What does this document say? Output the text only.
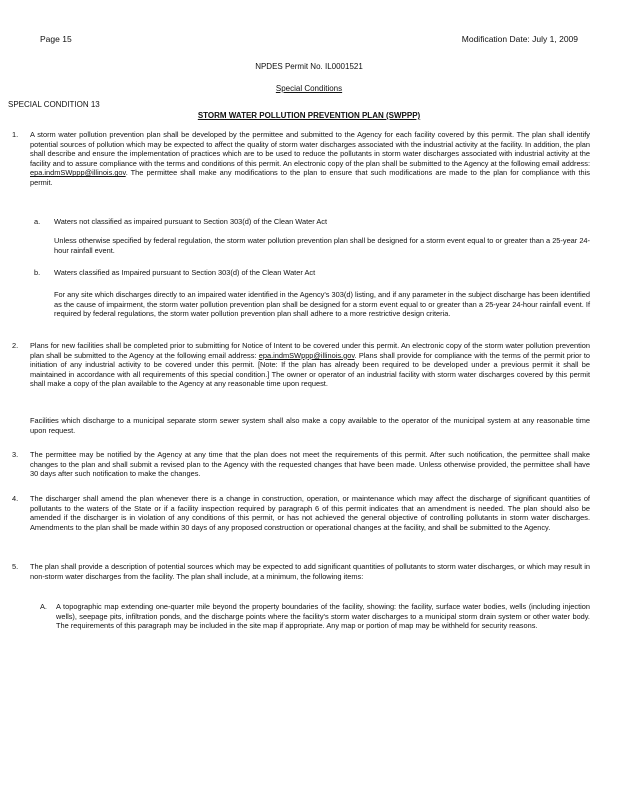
Page 15	Modification Date: July 1, 2009
NPDES Permit No. IL0001521
Special Conditions
SPECIAL CONDITION 13
STORM WATER POLLUTION PREVENTION PLAN (SWPPP)
1. A storm water pollution prevention plan shall be developed by the permittee and submitted to the Agency for each facility covered by this permit. The plan shall identify potential sources of pollution which may be expected to affect the quality of storm water discharges associated with the industrial activity at the facility. In addition, the plan shall describe and ensure the implementation of practices which are to be used to reduce the pollutants in storm water discharges associated with industrial activity at the facility and to assure compliance with the terms and conditions of this permit. An electronic copy of the plan shall be submitted to the Agency at the following email address: epa.indmSWppp@illinois.gov. The permittee shall make any modifications to the plan to ensure that such modifications are made to the plan for compliance with this permit.
a. Waters not classified as impaired pursuant to Section 303(d) of the Clean Water Act
Unless otherwise specified by federal regulation, the storm water pollution prevention plan shall be designed for a storm event equal to or greater than a 25-year 24-hour rainfall event.
b. Waters classified as Impaired pursuant to Section 303(d) of the Clean Water Act
For any site which discharges directly to an impaired water identified in the Agency's 303(d) listing, and if any parameter in the subject discharge has been identified as the cause of impairment, the storm water pollution prevention plan shall be designed for a storm event equal to or greater than a 25-year 24-hour rainfall event. If required by federal regulations, the storm water pollution prevention plan shall adhere to a more restrictive design criteria.
2. Plans for new facilities shall be completed prior to submitting for Notice of Intent to be covered under this permit. An electronic copy of the storm water pollution prevention plan shall be submitted to the Agency at the following email address: epa.indmSWppp@illinois.gov. Plans shall provide for compliance with the terms of the permit prior to initiation of any industrial activity to be covered under this permit. [Note: If the plan has already been required to be developed under a previous permit it shall be maintained in accordance with all requirements of this special condition.] The owner or operator of an industrial facility with storm water discharges covered by this permit shall make a copy of the plan available to the Agency at any reasonable time upon request.
Facilities which discharge to a municipal separate storm sewer system shall also make a copy available to the operator of the municipal system at any reasonable time upon request.
3. The permittee may be notified by the Agency at any time that the plan does not meet the requirements of this permit. After such notification, the permittee shall make changes to the plan and shall submit a revised plan to the Agency with the requested changes that have been made. Unless otherwise provided, the permittee shall have 30 days after such notification to make the changes.
4. The discharger shall amend the plan whenever there is a change in construction, operation, or maintenance which may affect the discharge of significant quantities of pollutants to the waters of the State or if a facility inspection required by paragraph 6 of this permit indicates that an amendment is needed. The plan should also be amended if the discharger is in violation of any conditions of this permit, or has not achieved the general objective of controlling pollutants in storm water discharges. Amendments to the plan shall be made within 30 days of any proposed construction or operational changes at the facility, and shall be submitted to the Agency.
5. The plan shall provide a description of potential sources which may be expected to add significant quantities of pollutants to storm water discharges, or which may result in non-storm water discharges from the facility. The plan shall include, at a minimum, the following items:
A. A topographic map extending one-quarter mile beyond the property boundaries of the facility, showing: the facility, surface water bodies, wells (including injection wells), seepage pits, infiltration ponds, and the discharge points where the facility's storm water discharges to a municipal storm drain system or other water body. The requirements of this paragraph may be included in the site map if appropriate. Any map or portion of map may be withheld for security reasons.
